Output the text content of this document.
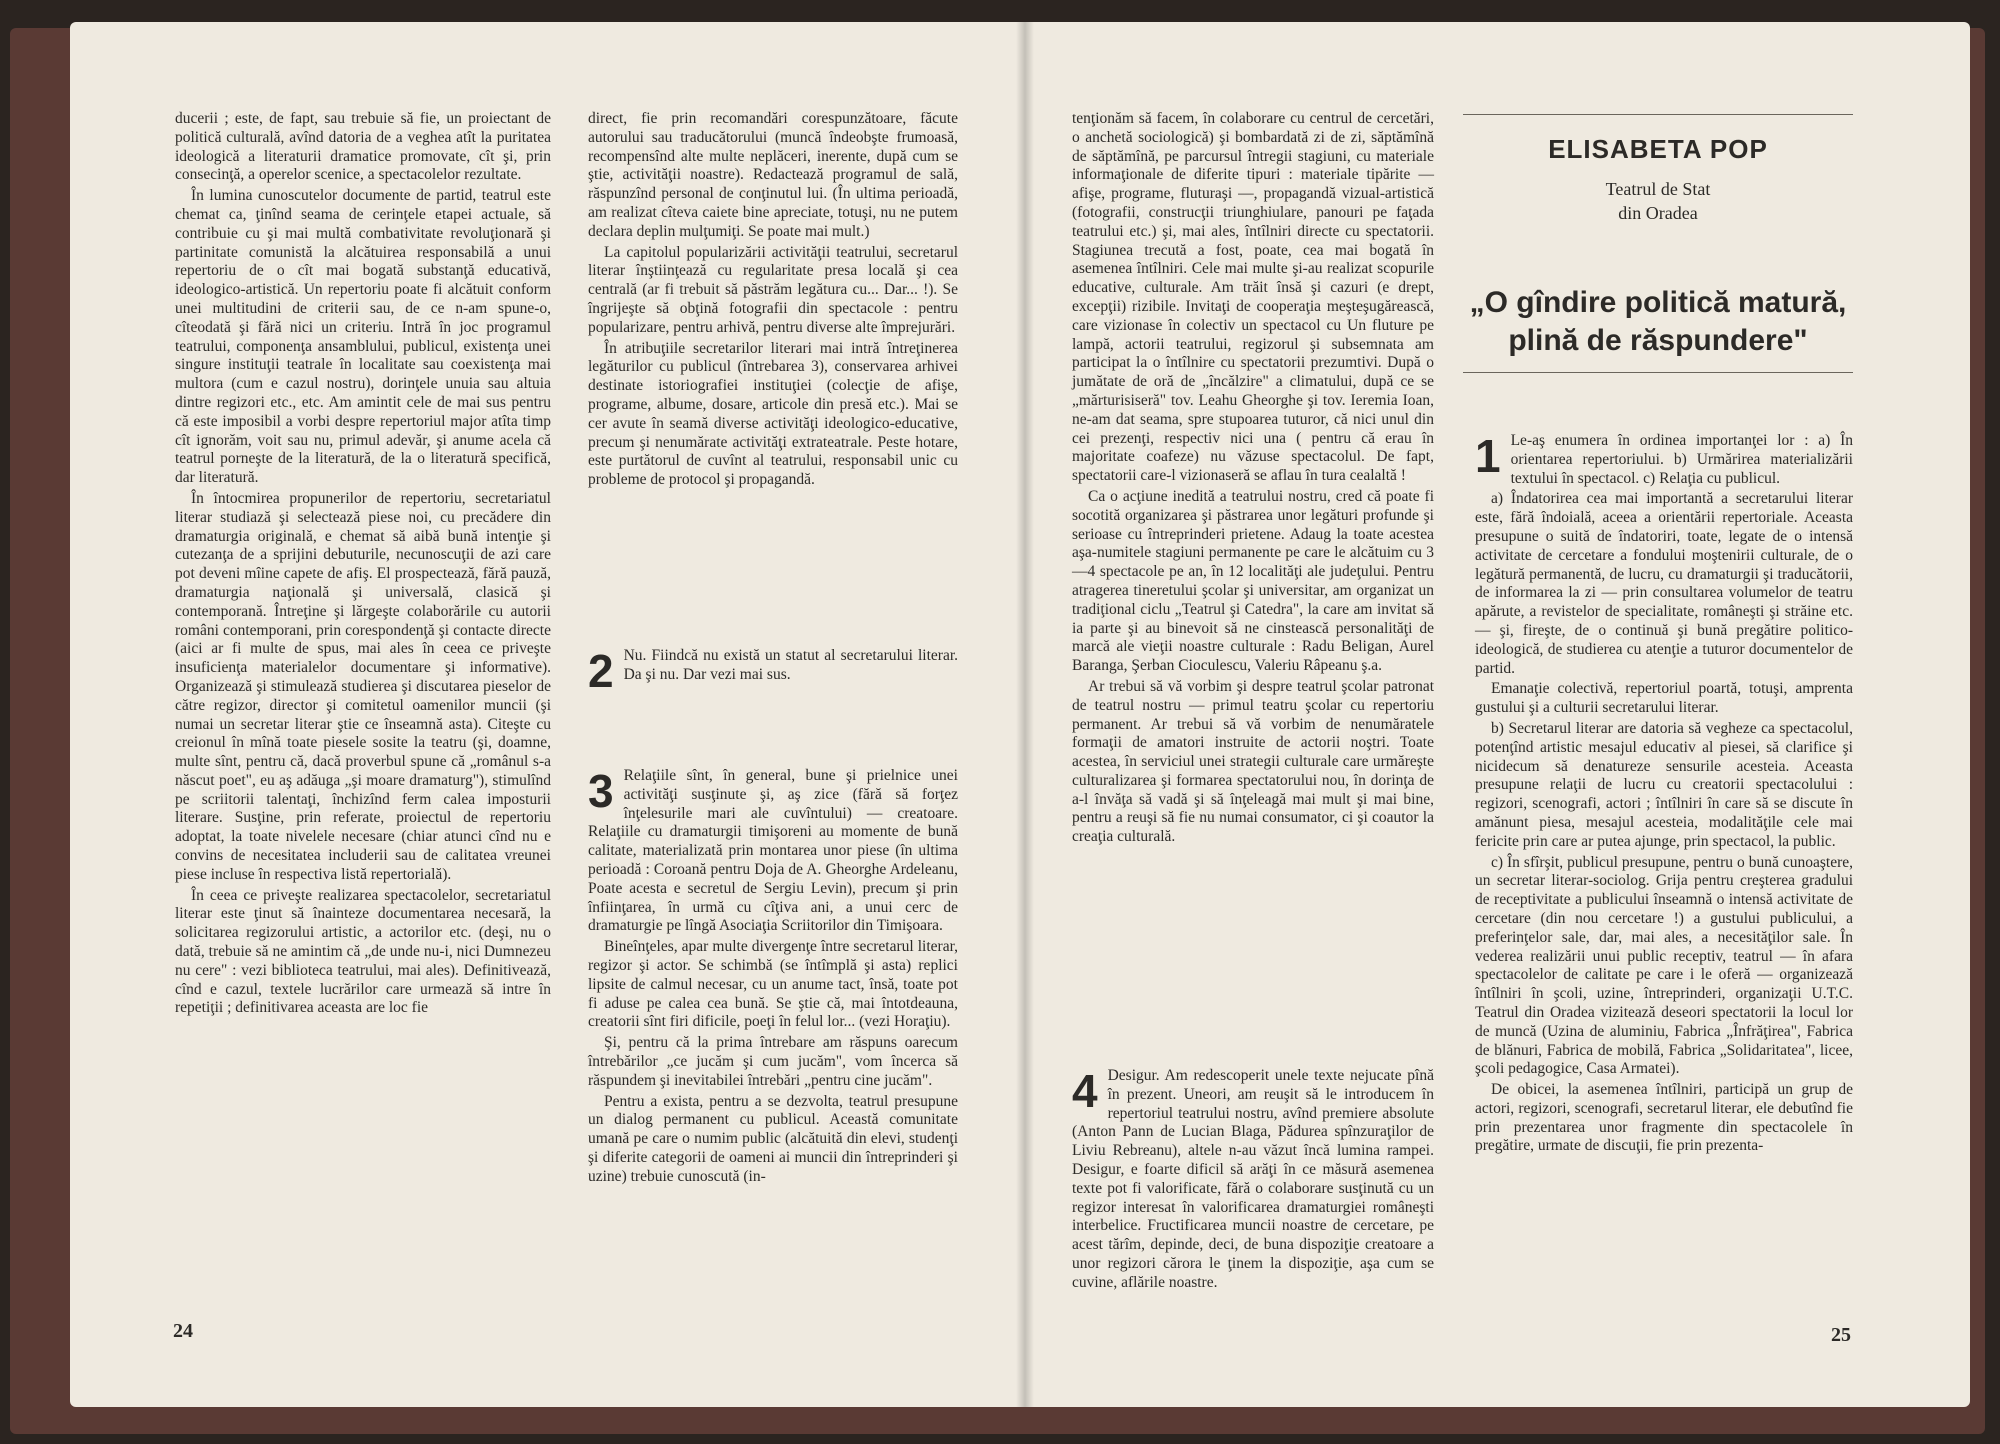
ducerii ; este, de fapt, sau trebuie să fie, un proiectant de politică culturală, avînd datoria de a veghea atît la puritatea ideologică a literaturii dramatice promovate, cît şi, prin consecinţă, a operelor scenice, a spectacolelor rezultate.

În lumina cunoscutelor documente de partid, teatrul este chemat ca, ţinînd seama de cerinţele etapei actuale, să contribuie cu şi mai multă combativitate revoluţionară şi partinitate comunistă la alcătuirea responsabilă a unui repertoriu de o cît mai bogată substanţă educativă, ideologico-artistică. Un repertoriu poate fi alcătuit conform unei multitudini de criterii sau, de ce n-am spune-o, cîteodată şi fără nici un criteriu. Intră în joc programul teatrului, componenţa ansamblului, publicul, existenţa unei singure instituţii teatrale în localitate sau coexistenţa mai multora (cum e cazul nostru), dorinţele unuia sau altuia dintre regizori etc., etc. Am amintit cele de mai sus pentru că este imposibil a vorbi despre repertoriul major atîta timp cît ignorăm, voit sau nu, primul adevăr, şi anume acela că teatrul porneşte de la literatură, de la o literatură specifică, dar literatură.

În întocmirea propunerilor de repertoriu, secretariatul literar studiază şi selectează piese noi, cu precădere din dramaturgia originală, e chemat să aibă bună intenţie şi cutezanţa de a sprijini debuturile, necunoscuţii de azi care pot deveni mîine capete de afiş. El prospectează, fără pauză, dramaturgia naţională şi universală, clasică şi contemporană. Întreţine şi lărgeşte colaborările cu autorii români contemporani, prin corespondenţă şi contacte directe (aici ar fi multe de spus, mai ales în ceea ce priveşte insuficienţa materialelor documentare şi informative). Organizează şi stimulează studierea şi discutarea pieselor de către regizor, director şi comitetul oamenilor muncii (şi numai un secretar literar ştie ce înseamnă asta). Citeşte cu creionul în mînă toate piesele sosite la teatru (şi, doamne, multe sînt, pentru că, dacă proverbul spune că „românul s-a născut poet", eu aş adăuga „şi moare dramaturg"), stimulînd pe scriitorii talentaţi, închizînd ferm calea imposturii literare. Susţine, prin referate, proiectul de repertoriu adoptat, la toate nivelele necesare (chiar atunci cînd nu e convins de necesitatea includerii sau de calitatea vreunei piese incluse în respectiva listă repertorială).

În ceea ce priveşte realizarea spectacolelor, secretariatul literar este ţinut să înainteze documentarea necesară, la solicitarea regizorului artistic, a actorilor etc. (deşi, nu o dată, trebuie să ne amintim că „de unde nu-i, nici Dumnezeu nu cere" : vezi biblioteca teatrului, mai ales). Definitivează, cînd e cazul, textele lucrărilor care urmează să intre în repetiţii ; definitivarea aceasta are loc fie

direct, fie prin recomandări corespunzătoare, făcute autorului sau traducătorului (muncă îndeobşte frumoasă, recompensînd alte multe neplăceri, inerente, după cum se ştie, activităţii noastre). Redactează programul de sală, răspunzînd personal de conţinutul lui. (În ultima perioadă, am realizat cîteva caiete bine apreciate, totuşi, nu ne putem declara deplin mulţumiţi. Se poate mai mult.)

La capitolul popularizării activităţii teatrului, secretarul literar înştiinţează cu regularitate presa locală şi cea centrală (ar fi trebuit să păstrăm legătura cu... Dar... !). Se îngrijeşte să obţină fotografii din spectacole : pentru popularizare, pentru arhivă, pentru diverse alte împrejurări.

În atribuţiile secretarilor literari mai intră întreţinerea legăturilor cu publicul (întrebarea 3), conservarea arhivei destinate istoriografiei instituţiei (colecţie de afişe, programe, albume, dosare, articole din presă etc.). Mai se cer avute în seamă diverse activităţi ideologico-educative, precum şi nenumărate activităţi extrateatrale. Peste hotare, este purtătorul de cuvînt al teatrului, responsabil unic cu probleme de protocol şi propagandă.

2 Nu. Fiindcă nu există un statut al secretarului literar. Da şi nu. Dar vezi mai sus.

3 Relaţiile sînt, în general, bune şi prielnice unei activităţi susţinute şi, aş zice (fără să forţez înţelesurile mari ale cuvîntului) — creatoare. Relaţiile cu dramaturgii timişoreni au momente de bună calitate, materializată prin montarea unor piese (în ultima perioadă : Coroană pentru Doja de A. Gheorghe Ardeleanu, Poate acesta e secretul de Sergiu Levin), precum şi prin înfiinţarea, în urmă cu cîţiva ani, a unui cerc de dramaturgie pe lîngă Asociaţia Scriitorilor din Timişoara.

Bineînţeles, apar multe divergenţe între secretarul literar, regizor şi actor. Se schimbă (se întîmplă şi asta) replici lipsite de calmul necesar, cu un anume tact, însă, toate pot fi aduse pe calea cea bună. Se ştie că, mai întotdeauna, creatorii sînt firi dificile, poeţi în felul lor... (vezi Horaţiu).

Şi, pentru că la prima întrebare am răspuns oarecum întrebărilor „ce jucăm şi cum jucăm", vom încerca să răspundem şi inevitabilei întrebări „pentru cine jucăm".

Pentru a exista, pentru a se dezvolta, teatrul presupune un dialog permanent cu publicul. Această comunitate umană pe care o numim public (alcătuită din elevi, studenţi şi diferite categorii de oameni ai muncii din întreprinderi şi uzine) trebuie cunoscută (in-

24

tenţionăm să facem, în colaborare cu centrul de cercetări, o anchetă sociologică) şi bombardată zi de zi, săptămînă de săptămînă, pe parcursul întregii stagiuni, cu materiale informaţionale de diferite tipuri : materiale tipărite — afişe, programe, fluturaşi —, propagandă vizual-artistică (fotografii, construcţii triunghiulare, panouri pe faţada teatrului etc.) şi, mai ales, întîlniri directe cu spectatorii. Stagiunea trecută a fost, poate, cea mai bogată în asemenea întîlniri. Cele mai multe şi-au realizat scopurile educative, culturale. Am trăit însă şi cazuri (e drept, excepţii) rizibile. Invitaţi de cooperaţia meşteşugărească, care vizionase în colectiv un spectacol cu Un fluture pe lampă, actorii teatrului, regizorul şi subsemnata am participat la o întîlnire cu spectatorii prezumtivi. După o jumătate de oră de „încălzire" a climatului, după ce se „mărturisiseră" tov. Leahu Gheorghe şi tov. Ieremia Ioan, ne-am dat seama, spre stupoarea tuturor, că nici unul din cei prezenţi, respectiv nici una ( pentru că erau în majoritate coafeze) nu văzuse spectacolul. De fapt, spectatorii care-l vizionaseră se aflau în tura cealaltă !

Ca o acţiune inedită a teatrului nostru, cred că poate fi socotită organizarea şi păstrarea unor legături profunde şi serioase cu întreprinderi prietene. Adaug la toate acestea aşa-numitele stagiuni permanente pe care le alcătuim cu 3—4 spectacole pe an, în 12 localităţi ale judeţului. Pentru atragerea tineretului şcolar şi universitar, am organizat un tradiţional ciclu „Teatrul şi Catedra", la care am invitat să ia parte şi au binevoit să ne cinstească personalităţi de marcă ale vieţii noastre culturale : Radu Beligan, Aurel Baranga, Şerban Cioculescu, Valeriu Râpeanu ş.a.

Ar trebui să vă vorbim şi despre teatrul şcolar patronat de teatrul nostru — primul teatru şcolar cu repertoriu permanent. Ar trebui să vă vorbim de nenumăratele formaţii de amatori instruite de actorii noştri. Toate acestea, în serviciul unei strategii culturale care urmăreşte culturalizarea şi formarea spectatorului nou, în dorinţa de a-l învăţa să vadă şi să înţeleagă mai mult şi mai bine, pentru a reuşi să fie nu numai consumator, ci şi coautor la creaţia culturală.

4 Desigur. Am redescoperit unele texte nejucate pînă în prezent. Uneori, am reuşit să le introducem în repertoriul teatrului nostru, avînd premiere absolute (Anton Pann de Lucian Blaga, Pădurea spînzuraţilor de Liviu Rebreanu), altele n-au văzut încă lumina rampei. Desigur, e foarte dificil să arăţi în ce măsură asemenea texte pot fi valorificate, fără o colaborare susţinută cu un regizor interesat în valorificarea dramaturgiei româneşti interbelice. Fructificarea muncii noastre de cercetare, pe acest tărîm, depinde, deci, de buna dispoziţie creatoare a unor regizori cărora le ţinem la dispoziţie, aşa cum se cuvine, aflările noastre.

ELISABETA POP
Teatrul de Stat
din Oradea
„O gîndire politică matură, plină de răspundere"
1 Le-aş enumera în ordinea importanţei lor : a) În orientarea repertoriului. b) Urmărirea materializării textului în spectacol. c) Relaţia cu publicul.

a) Îndatorirea cea mai importantă a secretarului literar este, fără îndoială, aceea a orientării repertoriale. Aceasta presupune o suită de îndatoriri, toate, legate de o intensă activitate de cercetare a fondului moştenirii culturale, de o legătură permanentă, de lucru, cu dramaturgii şi traducătorii, de informarea la zi — prin consultarea volumelor de teatru apărute, a revistelor de specialitate, româneşti şi străine etc. — şi, fireşte, de o continuă şi bună pregătire politico-ideologică, de studierea cu atenţie a tuturor documentelor de partid.

Emanaţie colectivă, repertoriul poartă, totuşi, amprenta gustului şi a culturii secretarului literar.

b) Secretarul literar are datoria să vegheze ca spectacolul, potenţînd artistic mesajul educativ al piesei, să clarifice şi nicidecum să denatureze sensurile acesteia. Aceasta presupune relaţii de lucru cu creatorii spectacolului : regizori, scenografi, actori ; întîlniri în care să se discute în amănunt piesa, mesajul acesteia, modalităţile cele mai fericite prin care ar putea ajunge, prin spectacol, la public.

c) În sfîrşit, publicul presupune, pentru o bună cunoaştere, un secretar literar-sociolog. Grija pentru creşterea gradului de receptivitate a publicului înseamnă o intensă activitate de cercetare (din nou cercetare !) a gustului publicului, a preferinţelor sale, dar, mai ales, a necesităţilor sale. În vederea realizării unui public receptiv, teatrul — în afara spectacolelor de calitate pe care i le oferă — organizează întîlniri în şcoli, uzine, întreprinderi, organizaţii U.T.C. Teatrul din Oradea vizitează deseori spectatorii la locul lor de muncă (Uzina de aluminiu, Fabrica „Înfrăţirea", Fabrica de blănuri, Fabrica de mobilă, Fabrica „Solidaritatea", licee, şcoli pedagogice, Casa Armatei).

De obicei, la asemenea întîlniri, participă un grup de actori, regizori, scenografi, secretarul literar, ele debutînd fie prin prezentarea unor fragmente din spectacolele în pregătire, urmate de discuţii, fie prin prezenta-

25
